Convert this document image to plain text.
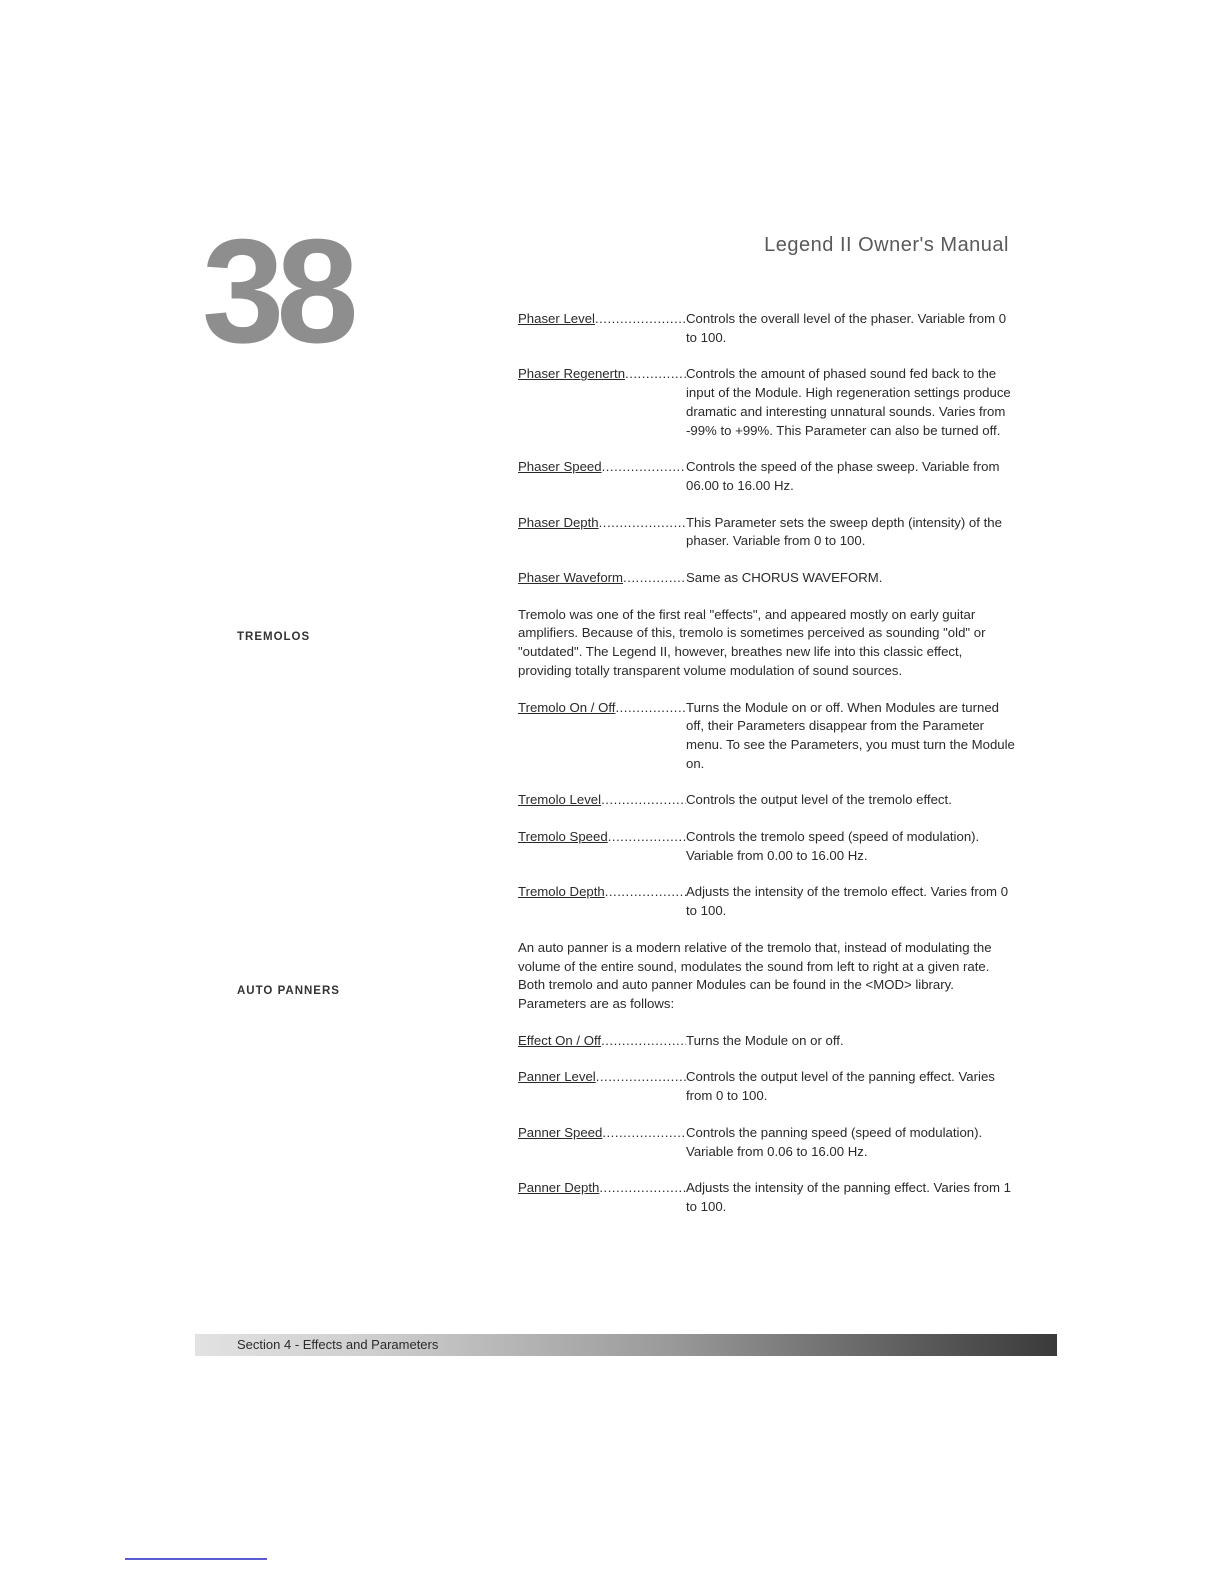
38	Legend II Owner's Manual
TREMOLOS
AUTO PANNERS
Phaser Level .....	Controls the overall level of the phaser. Variable from 0 to 100.
Phaser Regenertn .....	Controls the amount of phased sound fed back to the input of the Module. High regeneration settings produce dramatic and interesting unnatural sounds. Varies from -99% to +99%. This Parameter can also be turned off.
Phaser Speed .....	Controls the speed of the phase sweep. Variable from 06.00 to 16.00 Hz.
Phaser Depth .....	This Parameter sets the sweep depth (intensity) of the phaser. Variable from 0 to 100.
Phaser Waveform .....	Same as CHORUS WAVEFORM.
Tremolo was one of the first real "effects", and appeared mostly on early guitar amplifiers. Because of this, tremolo is sometimes perceived as sounding "old" or "outdated". The Legend II, however, breathes new life into this classic effect, providing totally transparent volume modulation of sound sources.
Tremolo On / Off .....	Turns the Module on or off. When Modules are turned off, their Parameters disappear from the Parameter menu. To see the Parameters, you must turn the Module on.
Tremolo Level .....	Controls the output level of the tremolo effect.
Tremolo Speed .....	Controls the tremolo speed (speed of modulation). Variable from 0.00 to 16.00 Hz.
Tremolo Depth .....	Adjusts the intensity of the tremolo effect. Varies from 0 to 100.
An auto panner is a modern relative of the tremolo that, instead of modulating the volume of the entire sound, modulates the sound from left to right at a given rate. Both tremolo and auto panner Modules can be found in the <MOD> library. Parameters are as follows:
Effect On / Off .....	Turns the Module on or off.
Panner Level .....	Controls the output level of the panning effect. Varies from 0 to 100.
Panner Speed .....	Controls the panning speed (speed of modulation). Variable from 0.06 to 16.00 Hz.
Panner Depth .....	Adjusts the intensity of the panning effect. Varies from 1 to 100.
Section 4 - Effects and Parameters
